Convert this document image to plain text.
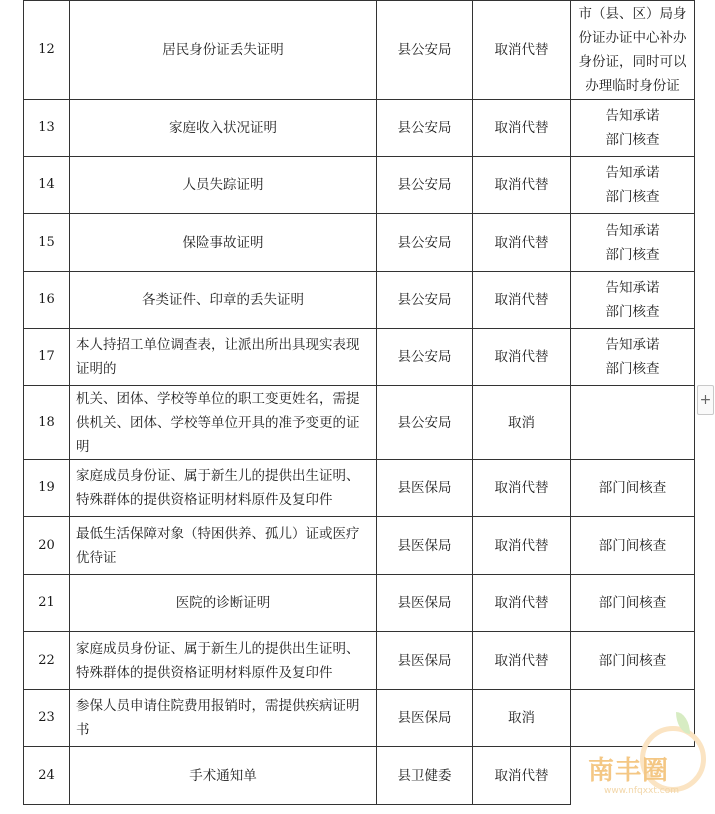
12	居民身份证丢失证明	县公安局	取消代替	市（县、区）局身
份证办证中心补办
身份证，同时可以
办理临时身份证

13	家庭收入状况证明	县公安局	取消代替	告知承诺
部门核查

14	人员失踪证明	县公安局	取消代替	告知承诺
部门核查

15	保险事故证明	县公安局	取消代替	告知承诺
部门核查

16	各类证件、印章的丢失证明	县公安局	取消代替	告知承诺
部门核查

17	本人持招工单位调查表，让派出所出具现实表现证明的	县公安局	取消代替	告知承诺
部门核查

18	机关、团体、学校等单位的职工变更姓名，需提供机关、团体、学校等单位开具的准予变更的证明	县公安局	取消	
19	家庭成员身份证、属于新生儿的提供出生证明、特殊群体的提供资格证明材料原件及复印件	县医保局	取消代替	部门间核查

20	最低生活保障对象（特困供养、孤儿）证或医疗优待证	县医保局	取消代替	部门间核查

21	医院的诊断证明	县医保局	取消代替	部门间核查

22	家庭成员身份证、属于新生儿的提供出生证明、特殊群体的提供资格证明材料原件及复印件	县医保局	取消代替	部门间核查

23	参保人员申请住院费用报销时，需提供疾病证明书	县医保局	取消	
24	手术通知单	县卫健委	取消代替	
+
南丰圈
www.nfqxxt.com
